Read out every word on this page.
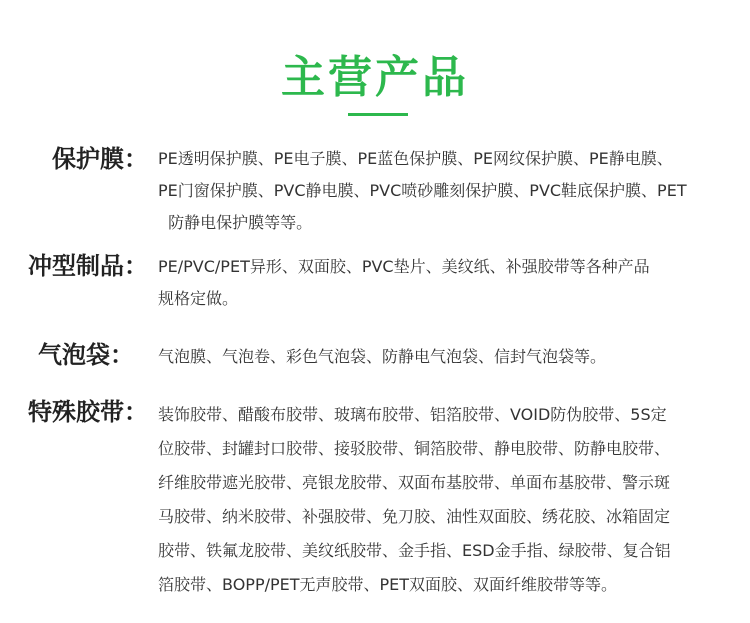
主营产品
保护膜： PE透明保护膜、PE电子膜、PE蓝色保护膜、PE网纹保护膜、PE静电膜、
PE门窗保护膜、PVC静电膜、PVC喷砂雕刻保护膜、PVC鞋底保护膜、PET
防静电保护膜等等。
冲型制品： PE/PVC/PET异形、双面胶、PVC垫片、美纹纸、补强胶带等各种产品
规格定做。
气泡袋： 气泡膜、气泡卷、彩色气泡袋、防静电气泡袋、信封气泡袋等。
特殊胶带： 装饰胶带、醋酸布胶带、玻璃布胶带、铝箔胶带、VOID防伪胶带、5S定
位胶带、封罐封口胶带、接驳胶带、铜箔胶带、静电胶带、防静电胶带、
纤维胶带遮光胶带、亮银龙胶带、双面布基胶带、单面布基胶带、警示斑
马胶带、纳米胶带、补强胶带、免刀胶、油性双面胶、绣花胶、冰箱固定
胶带、铁氟龙胶带、美纹纸胶带、金手指、ESD金手指、绿胶带、复合铝
箔胶带、BOPP/PET无声胶带、PET双面胶、双面纤维胶带等等。
